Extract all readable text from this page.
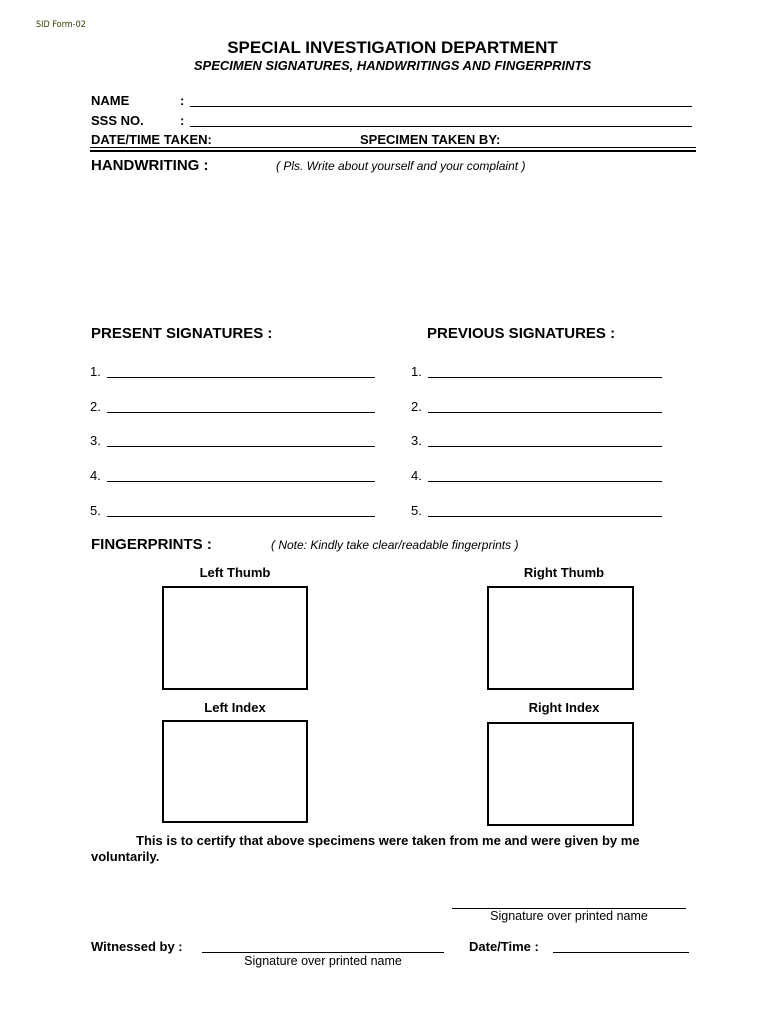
SID Form-02
SPECIAL INVESTIGATION DEPARTMENT
SPECIMEN SIGNATURES, HANDWRITINGS AND FINGERPRINTS
NAME	:
SSS NO.	:
DATE/TIME TAKEN:	SPECIMEN TAKEN BY:
HANDWRITING :	( Pls. Write about yourself and your complaint )
PRESENT SIGNATURES :	PREVIOUS SIGNATURES :
1.	1.
2.	2.
3.	3.
4.	4.
5.	5.
FINGERPRINTS :	( Note: Kindly take clear/readable fingerprints )
Left Thumb	Right Thumb
Left Index	Right Index
This is to certify that above specimens were taken from me and were given by me voluntarily.
Signature over printed name
Witnessed by :
Signature over printed name
Date/Time :
